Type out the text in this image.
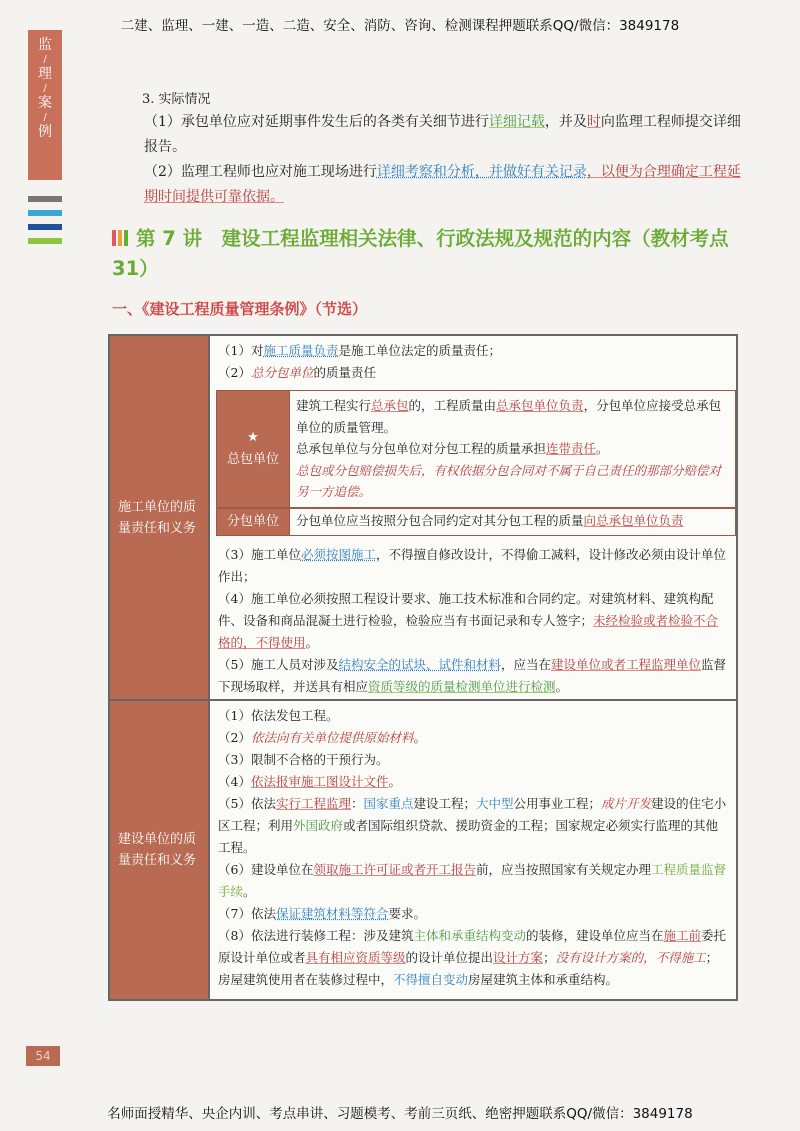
二建、监理、一建、一造、二造、安全、消防、咨询、检测课程押题联系QQ/微信：3849178
监
/
理
/
案
/
例
3. 实际情况
（1）承包单位应对延期事件发生后的各类有关细节进行详细记载，并及时向监理工程师提交详细报告。
（2）监理工程师也应对施工现场进行详细考察和分析，并做好有关记录，以便为合理确定工程延期时间提供可靠依据。
第 7 讲　建设工程监理相关法律、行政法规及规范的内容（教材考点 31）
一、《建设工程质量管理条例》（节选）
施工单位的质量责任和义务

（1）对施工质量负责是施工单位法定的质量责任；

（2）总分包单位的质量责任

★
总包单位
建筑工程实行总承包的，工程质量由总承包单位负责，分包单位应接受总承包单位的质量管理。
总承包单位与分包单位对分包工程的质量承担连带责任。
总包或分包赔偿损失后，有权依据分包合同对不属于自己责任的那部分赔偿对另一方追偿。
分包单位	分包单位应当按照分包合同约定对其分包工程的质量向总承包单位负责

（3）施工单位必须按图施工，不得擅自修改设计，不得偷工减料，设计修改必须由设计单位作出；

（4）施工单位必须按照工程设计要求、施工技术标准和合同约定。对建筑材料、建筑构配件、设备和商品混凝土进行检验，检验应当有书面记录和专人签字；未经检验或者检验不合格的，不得使用。

（5）施工人员对涉及结构安全的试块、试件和材料，应当在建设单位或者工程监理单位监督下现场取样，并送具有相应资质等级的质量检测单位进行检测。

建设单位的质量责任和义务

（1）依法发包工程。

（2）依法向有关单位提供原始材料。

（3）限制不合格的干预行为。

（4）依法报审施工图设计文件。

（5）依法实行工程监理：国家重点建设工程；大中型公用事业工程；成片开发建设的住宅小区工程；利用外国政府或者国际组织贷款、援助资金的工程；国家规定必须实行监理的其他工程。

（6）建设单位在领取施工许可证或者开工报告前，应当按照国家有关规定办理工程质量监督手续。

（7）依法保证建筑材料等符合要求。

（8）依法进行装修工程：涉及建筑主体和承重结构变动的装修，建设单位应当在施工前委托原设计单位或者具有相应资质等级的设计单位提出设计方案；没有设计方案的，不得施工；房屋建筑使用者在装修过程中，不得擅自变动房屋建筑主体和承重结构。

54
名师面授精华、央企内训、考点串讲、习题模考、考前三页纸、绝密押题联系QQ/微信：3849178
